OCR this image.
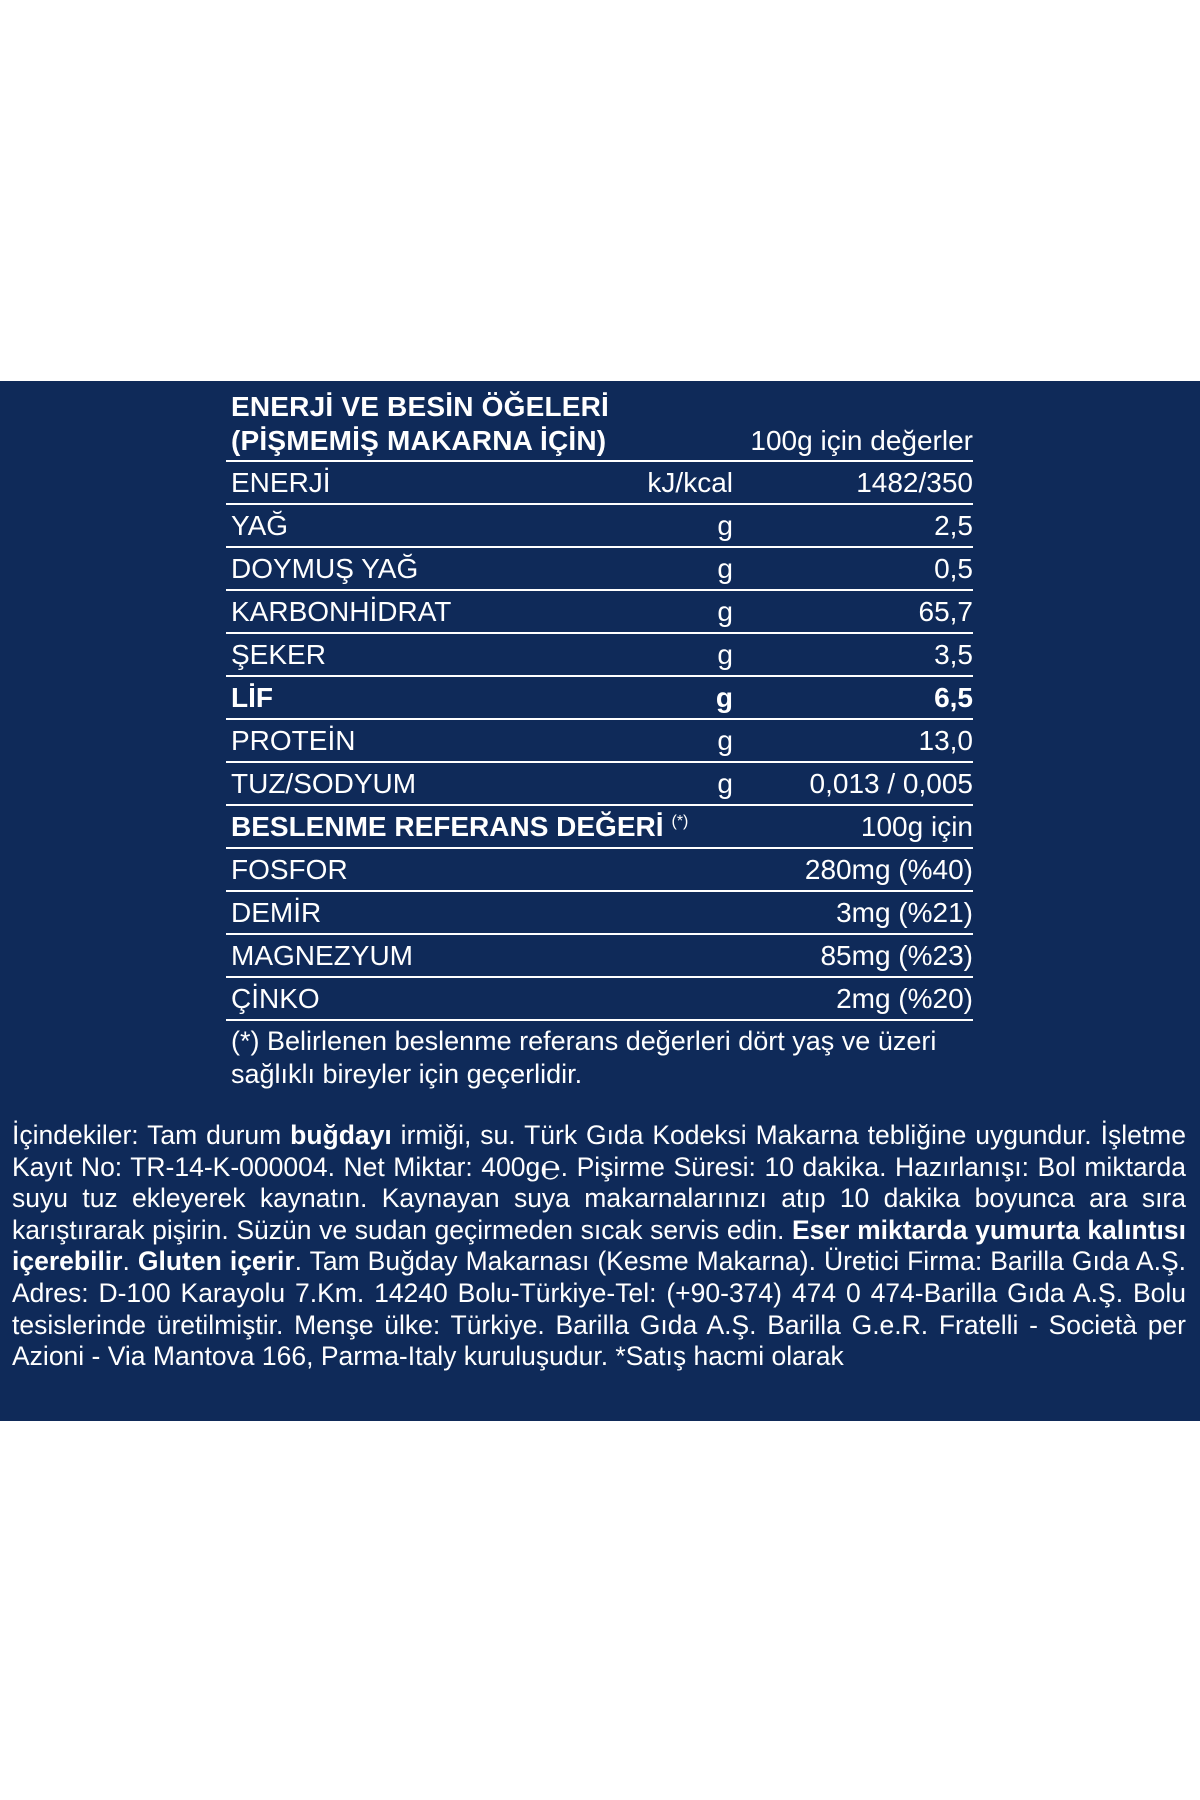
ENERJİ VE BESİN ÖĞELERİ
(PİŞMEMİŞ MAKARNA İÇİN)	100g için değerler
ENERJİ	kJ/kcal	1482/350
YAĞ	g	2,5
DOYMUŞ YAĞ	g	0,5
KARBONHİDRAT	g	65,7
ŞEKER	g	3,5
LİF	g	6,5
PROTEİN	g	13,0
TUZ/SODYUM	g	0,013 / 0,005
BESLENME REFERANS DEĞERİ (*)	100g için
FOSFOR	280mg (%40)
DEMİR	3mg (%21)
MAGNEZYUM	85mg (%23)
ÇİNKO	2mg (%20)
(*) Belirlenen beslenme referans değerleri dört yaş ve üzeri
sağlıklı bireyler için geçerlidir.
İçindekiler: Tam durum buğdayı irmiği, su. Türk Gıda Kodeksi Makarna tebliğine uygundur. İşletme Kayıt No: TR-14-K-000004. Net Miktar: 400g℮. Pişirme Süresi: 10 dakika. Hazırlanışı: Bol miktarda suyu tuz ekleyerek kaynatın. Kaynayan suya makarnalarınızı atıp 10 dakika boyunca ara sıra karıştırarak pişirin. Süzün ve sudan geçirmeden sıcak servis edin. Eser miktarda yumurta kalıntısı içerebilir. Gluten içerir. Tam Buğday Makarnası (Kesme Makarna). Üretici Firma: Barilla Gıda A.Ş. Adres: D-100 Karayolu 7.Km. 14240 Bolu-Türkiye-Tel: (+90-374) 474 0 474-Barilla Gıda A.Ş. Bolu tesislerinde üretilmiştir. Menşe ülke: Türkiye. Barilla Gıda A.Ş. Barilla G.e.R. Fratelli - Società per Azioni - Via Mantova 166, Parma-Italy kuruluşudur. *Satış hacmi olarak
